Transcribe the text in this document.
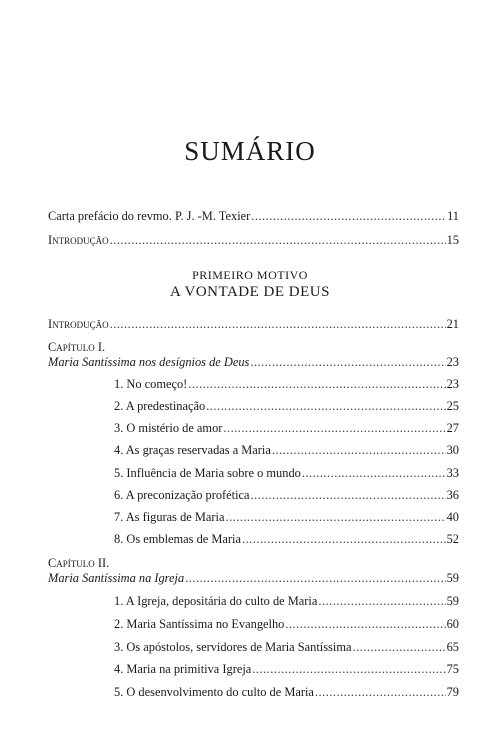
SUMÁRIO
Carta prefácio do revmo. P. J. -M. Texier .....	11
Introdução .....	15
PRIMEIRO MOTIVO
A VONTADE DE DEUS
Introdução .....	21
Capítulo I.
Maria Santíssima nos desígnios de Deus .....	23
1. No começo! .....	23
2. A predestinação .....	25
3. O mistério de amor .....	27
4. As graças reservadas a Maria .....	30
5. Influência de Maria sobre o mundo .....	33
6. A preconização profética .....	36
7. As figuras de Maria .....	40
8. Os emblemas de Maria .....	52
Capítulo II.
Maria Santíssima na Igreja .....	59
1. A Igreja, depositária do culto de Maria .....	59
2. Maria Santíssima no Evangelho .....	60
3. Os apóstolos, servidores de Maria Santíssima .....	65
4. Maria na primitiva Igreja .....	75
5. O desenvolvimento do culto de Maria .....	79
